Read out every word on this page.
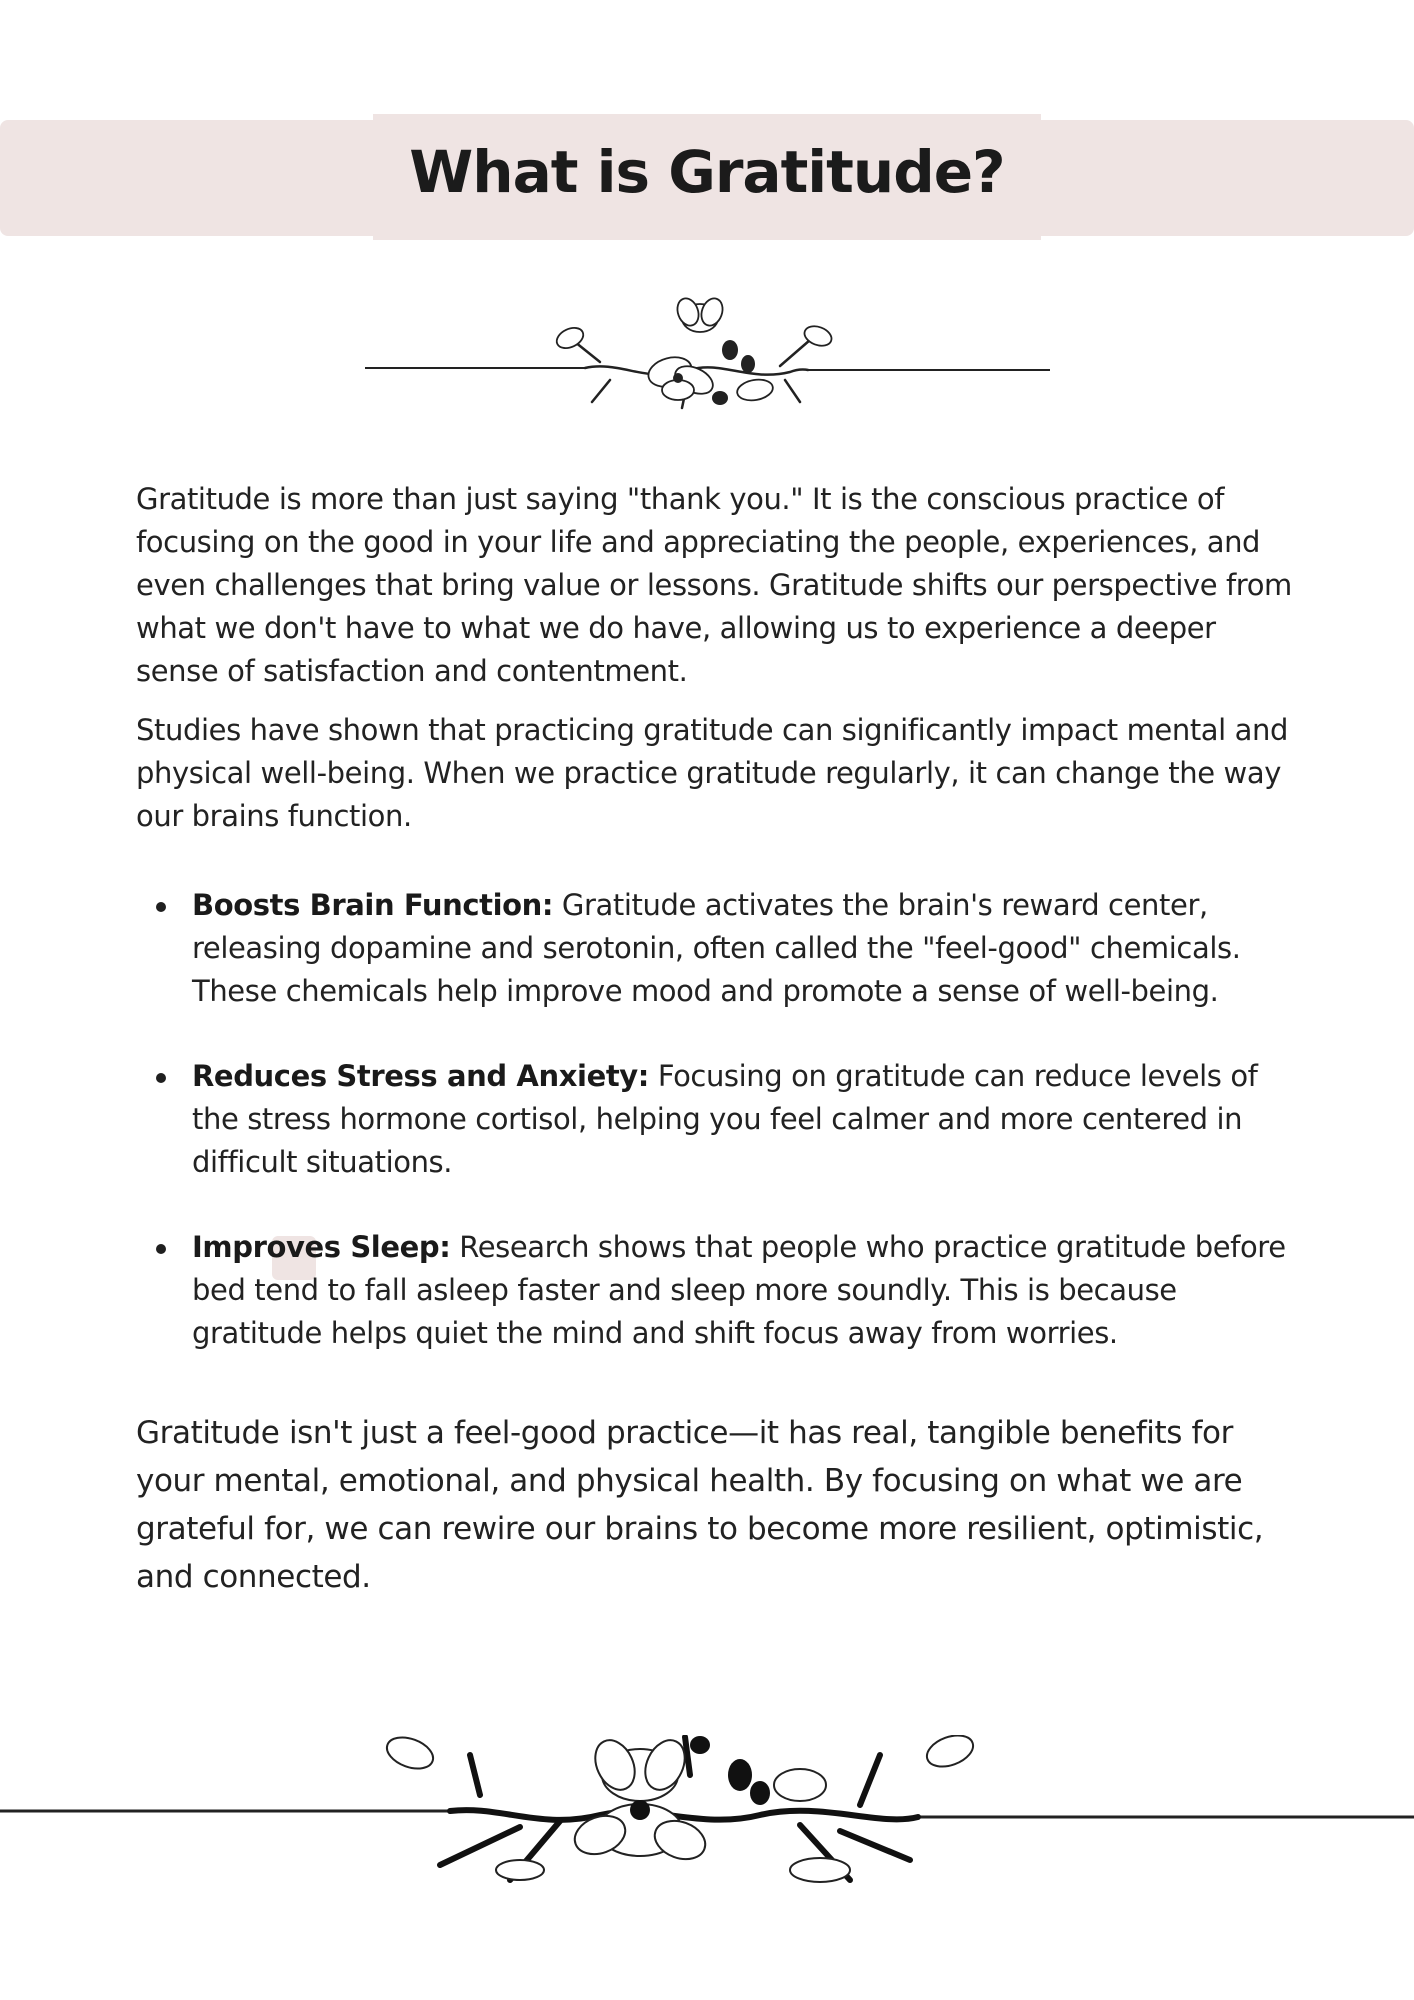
What is Gratitude?

Gratitude is more than just saying "thank you." It is the conscious practice of focusing on the good in your life and appreciating the people, experiences, and even challenges that bring value or lessons. Gratitude shifts our perspective from what we don't have to what we do have, allowing us to experience a deeper sense of satisfaction and contentment.

Studies have shown that practicing gratitude can significantly impact mental and physical well-being. When we practice gratitude regularly, it can change the way our brains function.

Boosts Brain Function: Gratitude activates the brain's reward center, releasing dopamine and serotonin, often called the "feel-good" chemicals. These chemicals help improve mood and promote a sense of well-being.
Reduces Stress and Anxiety: Focusing on gratitude can reduce levels of the stress hormone cortisol, helping you feel calmer and more centered in difficult situations.
Improves Sleep: Research shows that people who practice gratitude before bed tend to fall asleep faster and sleep more soundly. This is because gratitude helps quiet the mind and shift focus away from worries.

Gratitude isn't just a feel-good practice—it has real, tangible benefits for your mental, emotional, and physical health. By focusing on what we are grateful for, we can rewire our brains to become more resilient, optimistic, and connected.
